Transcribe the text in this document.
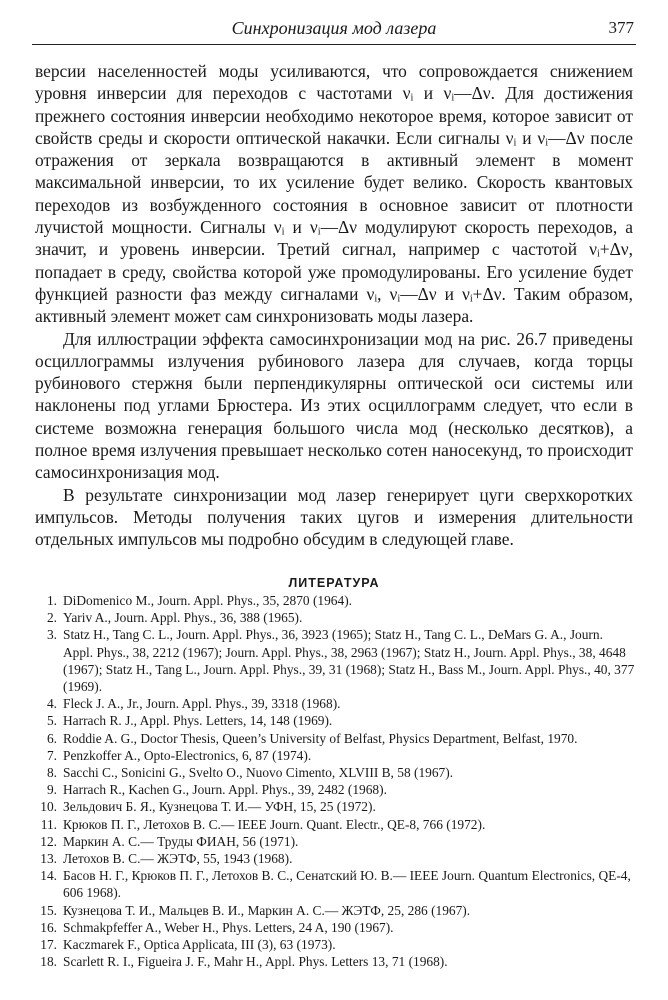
Синхронизация мод лазера	377

версии населенностей моды усиливаются, что сопровождается снижением уровня инверсии для переходов с частотами νᵢ и νᵢ—Δν. Для достижения прежнего состояния инверсии необходимо некоторое время, которое зависит от свойств среды и скорости оптической накачки. Если сигналы νᵢ и νᵢ—Δν после отражения от зеркала возвращаются в активный элемент в момент максимальной инверсии, то их усиление будет велико. Скорость квантовых переходов из возбужденного состояния в основное зависит от плотности лучистой мощности. Сигналы νᵢ и νᵢ—Δν модулируют скорость переходов, а значит, и уровень инверсии. Третий сигнал, например с частотой νᵢ+Δν, попадает в среду, свойства которой уже промодулированы. Его усиление будет функцией разности фаз между сигналами νᵢ, νᵢ—Δν и νᵢ+Δν. Таким образом, активный элемент может сам синхронизовать моды лазера.

Для иллюстрации эффекта самосинхронизации мод на рис. 26.7 приведены осциллограммы излучения рубинового лазера для случаев, когда торцы рубинового стержня были перпендикулярны оптической оси системы или наклонены под углами Брюстера. Из этих осциллограмм следует, что если в системе возможна генерация большого числа мод (несколько десятков), а полное время излучения превышает несколько сотен наносекунд, то происходит самосинхронизация мод.

В результате синхронизации мод лазер генерирует цуги сверхкоротких импульсов. Методы получения таких цугов и измерения длительности отдельных импульсов мы подробно обсудим в следующей главе.

ЛИТЕРАТУРА
1. DiDomenico M., Journ. Appl. Phys., 35, 2870 (1964).
2. Yariv A., Journ. Appl. Phys., 36, 388 (1965).
3. Statz H., Tang C. L., Journ. Appl. Phys., 36, 3923 (1965); Statz H., Tang C. L., DeMars G. A., Journ. Appl. Phys., 38, 2212 (1967); Journ. Appl. Phys., 38, 2963 (1967); Statz H., Journ. Appl. Phys., 38, 4648 (1967); Statz H., Tang L., Journ. Appl. Phys., 39, 31 (1968); Statz H., Bass M., Journ. Appl. Phys., 40, 377 (1969).
4. Fleck J. A., Jr., Journ. Appl. Phys., 39, 3318 (1968).
5. Harrach R. J., Appl. Phys. Letters, 14, 148 (1969).
6. Roddie A. G., Doctor Thesis, Queen’s University of Belfast, Physics Department, Belfast, 1970.
7. Penzkoffer A., Opto-Electronics, 6, 87 (1974).
8. Sacchi C., Sonicini G., Svelto O., Nuovo Cimento, XLVIII B, 58 (1967).
9. Harrach R., Kachen G., Journ. Appl. Phys., 39, 2482 (1968).
10. Зельдович Б. Я., Кузнецова Т. И.— УФН, 15, 25 (1972).
11. Крюков П. Г., Летохов В. С.— IEEE Journ. Quant. Electr., QE-8, 766 (1972).
12. Маркин А. С.— Труды ФИАН, 56 (1971).
13. Летохов В. С.— ЖЭТФ, 55, 1943 (1968).
14. Басов Н. Г., Крюков П. Г., Летохов В. С., Сенатский Ю. В.— IEEE Journ. Quantum Electronics, QE-4, 606 1968).
15. Кузнецова Т. И., Мальцев В. И., Маркин А. С.— ЖЭТФ, 25, 286 (1967).
16. Schmakpfeffer A., Weber H., Phys. Letters, 24 A, 190 (1967).
17. Kaczmarek F., Optica Applicata, III (3), 63 (1973).
18. Scarlett R. I., Figueira J. F., Mahr H., Appl. Phys. Letters 13, 71 (1968).
